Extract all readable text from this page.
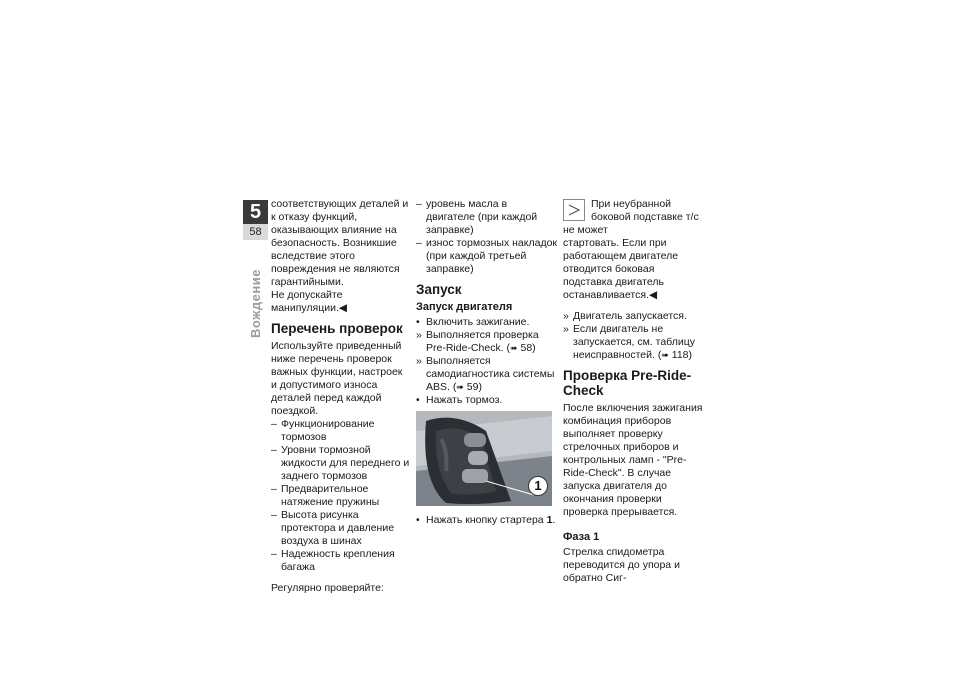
5
58
Вождение

соответствующих деталей и к отказу функций, оказывающих влияние на безопасность. Возникшие вследствие этого повреждения не являются гарантийными.

Не допускайте манипуляции.◀

Перечень проверок

Используйте приведенный ниже перечень проверок важных функции, настроек и допустимого износа деталей перед каждой поездкой.

– Функционирование тормозов
– Уровни тормозной жидкости для переднего и заднего тормозов
– Предварительное натяжение пружины
– Высота рисунка протектора и давление воздуха в шинах
– Надежность крепления багажа

Регулярно проверяйте:

– уровень масла в двигателе (при каждой заправке)
– износ тормозных накладок (при каждой третьей заправке)
Запуск
Запуск двигателя
• Включить зажигание.
» Выполняется проверка Pre-Ride-Check. (➠ 58)
» Выполняется самодиагностика системы ABS. (➠ 59)
• Нажать тормоз.
1
• Нажать кнопку стартера 1.

При неубранной боковой подставке т/с не может

стартовать. Если при работающем двигателе отводится боковая подставка двигатель останавливается.◀

» Двигатель запускается.
» Если двигатель не запускается, см. таблицу неисправностей. (➠ 118)
Проверка Pre-Ride-Check

После включения зажигания комбинация приборов выполняет проверку стрелочных приборов и контрольных ламп - "Pre-Ride-Check". В случае запуска двигателя до окончания проверки проверка прерывается.

Фаза 1

Стрелка спидометра переводится до упора и обратно Сиг-
